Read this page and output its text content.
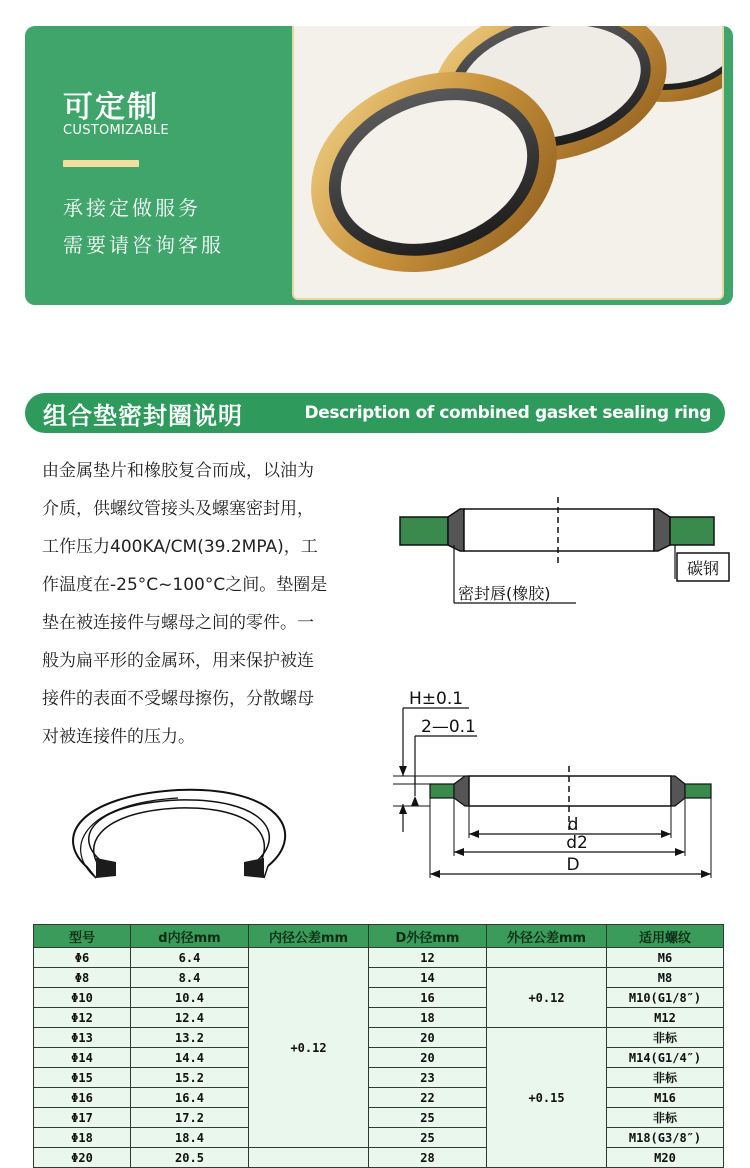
可定制
CUSTOMIZABLE
承接定做服务
需要请咨询客服
组合垫密封圈说明	Description of combined gasket sealing ring

由金属垫片和橡胶复合而成，以油为

介质，供螺纹管接头及螺塞密封用，

工作压力400KA/CM(39.2MPA)，工

作温度在-25°C~100°C之间。垫圈是

垫在被连接件与螺母之间的零件。一

般为扁平形的金属环，用来保护被连

接件的表面不受螺母擦伤，分散螺母

对被连接件的压力。

碳钢
密封唇(橡胶)
H±0.1
2—0.1
d
d2
D
型号	d内径mm	内径公差mm	D外径mm	外径公差mm	适用螺纹
Φ6	6.4	+0.12	12		M6
Φ8	8.4		14	+0.12	M8
Φ10	10.4		16		M10(G1/8″)
Φ12	12.4		18		M12
Φ13	13.2		20	+0.15	非标
Φ14	14.4		20		M14(G1/4″)
Φ15	15.2		23		非标
Φ16	16.4		22		M16
Φ17	17.2		25		非标
Φ18	18.4		25		M18(G3/8″)
Φ20	20.5		28		M20
